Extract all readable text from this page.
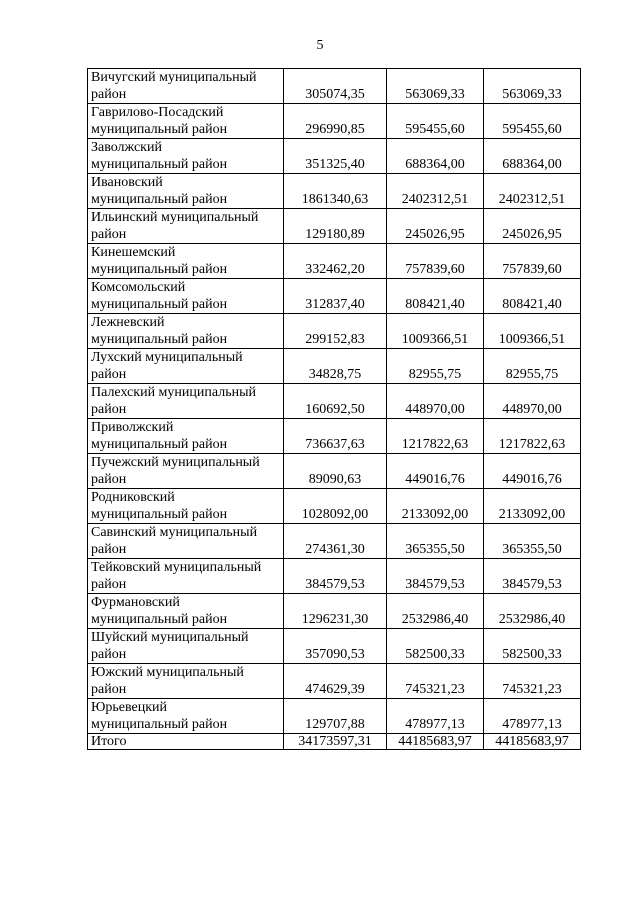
5
Вичугский муниципальный
район	305074,35	563069,33	563069,33

Гаврилово-Посадский
муниципальный район	296990,85	595455,60	595455,60

Заволжский
муниципальный район	351325,40	688364,00	688364,00

Ивановский
муниципальный район	1861340,63	2402312,51	2402312,51

Ильинский муниципальный
район	129180,89	245026,95	245026,95

Кинешемский
муниципальный район	332462,20	757839,60	757839,60

Комсомольский
муниципальный район	312837,40	808421,40	808421,40

Лежневский
муниципальный район	299152,83	1009366,51	1009366,51

Лухский муниципальный
район	34828,75	82955,75	82955,75

Палехский муниципальный
район	160692,50	448970,00	448970,00

Приволжский
муниципальный район	736637,63	1217822,63	1217822,63

Пучежский муниципальный
район	89090,63	449016,76	449016,76

Родниковский
муниципальный район	1028092,00	2133092,00	2133092,00

Савинский муниципальный
район	274361,30	365355,50	365355,50

Тейковский муниципальный
район	384579,53	384579,53	384579,53

Фурмановский
муниципальный район	1296231,30	2532986,40	2532986,40

Шуйский муниципальный
район	357090,53	582500,33	582500,33

Южский муниципальный
район	474629,39	745321,23	745321,23

Юрьевецкий
муниципальный район	129707,88	478977,13	478977,13
Итого	34173597,31	44185683,97	44185683,97
